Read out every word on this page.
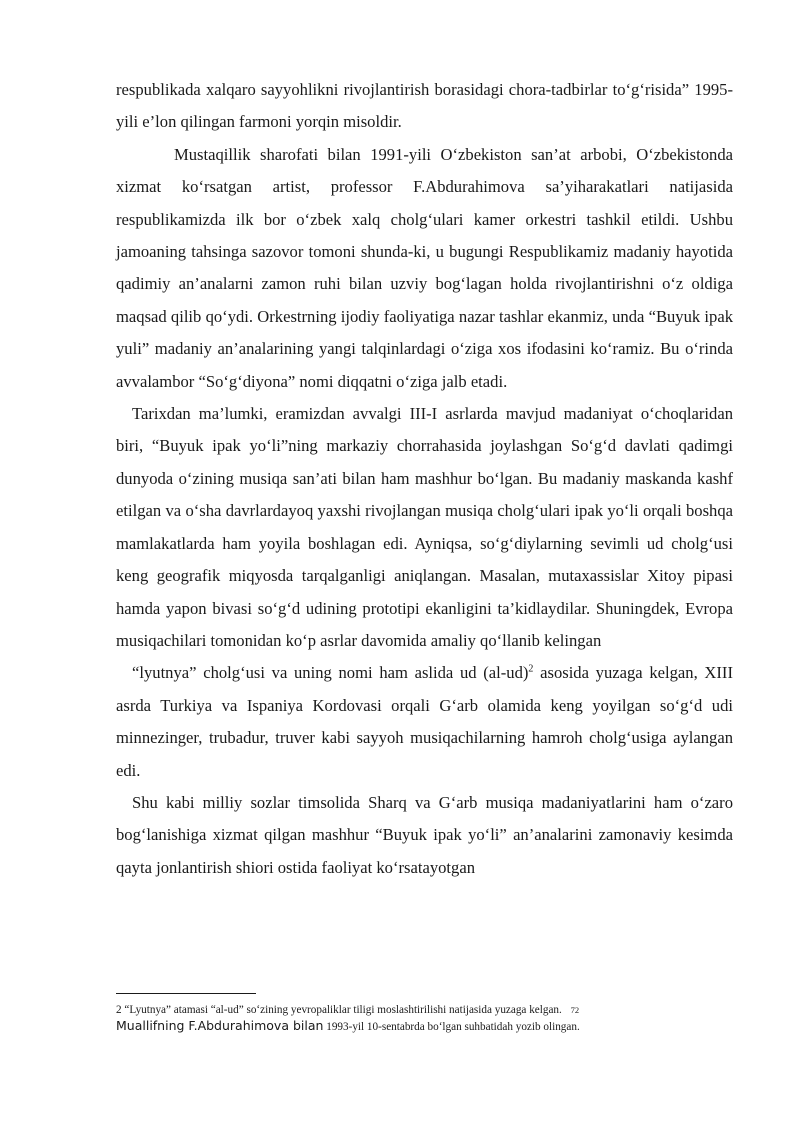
respublikada xalqaro sayyohlikni rivojlantirish borasidagi chora-tadbirlar to‘g‘risida” 1995-yili e’lon qilingan farmoni yorqin misoldir.

Mustaqillik sharofati bilan 1991-yili O‘zbekiston san’at arbobi, O‘zbekistonda xizmat ko‘rsatgan artist, professor F.Abdurahimova sa’yiharakatlari natijasida respublikamizda ilk bor o‘zbek xalq cholg‘ulari kamer orkestri tashkil etildi. Ushbu jamoaning tahsinga sazovor tomoni shunda-ki, u bugungi Respublikamiz madaniy hayotida qadimiy an’analarni zamon ruhi bilan uzviy bog‘lagan holda rivojlantirishni o‘z oldiga maqsad qilib qo‘ydi. Orkestrning ijodiy faoliyatiga nazar tashlar ekanmiz, unda “Buyuk ipak yuli” madaniy an’analarining yangi talqinlardagi o‘ziga xos ifodasini ko‘ramiz. Bu o‘rinda avvalambor “So‘g‘diyona” nomi diqqatni o‘ziga jalb etadi.

Tarixdan ma’lumki, eramizdan avvalgi III-I asrlarda mavjud madaniyat o‘choqlaridan biri, “Buyuk ipak yo‘li”ning markaziy chorrahasida joylashgan So‘g‘d davlati qadimgi dunyoda o‘zining musiqa san’ati bilan ham mashhur bo‘lgan. Bu madaniy maskanda kashf etilgan va o‘sha davrlardayoq yaxshi rivojlangan musiqa cholg‘ulari ipak yo‘li orqali boshqa mamlakatlarda ham yoyila boshlagan edi. Ayniqsa, so‘g‘diylarning sevimli ud cholg‘usi keng geografik miqyosda tarqalganligi aniqlangan. Masalan, mutaxassislar Xitoy pipasi hamda yapon bivasi so‘g‘d udining prototipi ekanligini ta’kidlaydilar. Shuningdek, Evropa musiqachilari tomonidan ko‘p asrlar davomida amaliy qo‘llanib kelingan

“lyutnya” cholg‘usi va uning nomi ham aslida ud $(al-ud)^2$ asosida yuzaga kelgan, XIII asrda Turkiya va Ispaniya Kordovasi orqali G‘arb olamida keng yoyilgan so‘g‘d udi minnezinger, trubadur, truver kabi sayyoh musiqachilarning hamroh cholg‘usiga aylangan edi.

Shu kabi milliy sozlar timsolida Sharq va G‘arb musiqa madaniyatlarini ham o‘zaro bog‘lanishiga xizmat qilgan mashhur “Buyuk ipak yo‘li” an’analarini zamonaviy kesimda qayta jonlantirish shiori ostida faoliyat ko‘rsatayotgan

2 “Lyutnya” atamasi “al-ud” so‘zining yevropaliklar tiligi moslashtirilishi natijasida yuzaga kelgan. 72 Muallifning F.Abdurahimova bilan 1993-yil 10-sentabrda bo‘lgan suhbatidah yozib olingan.
